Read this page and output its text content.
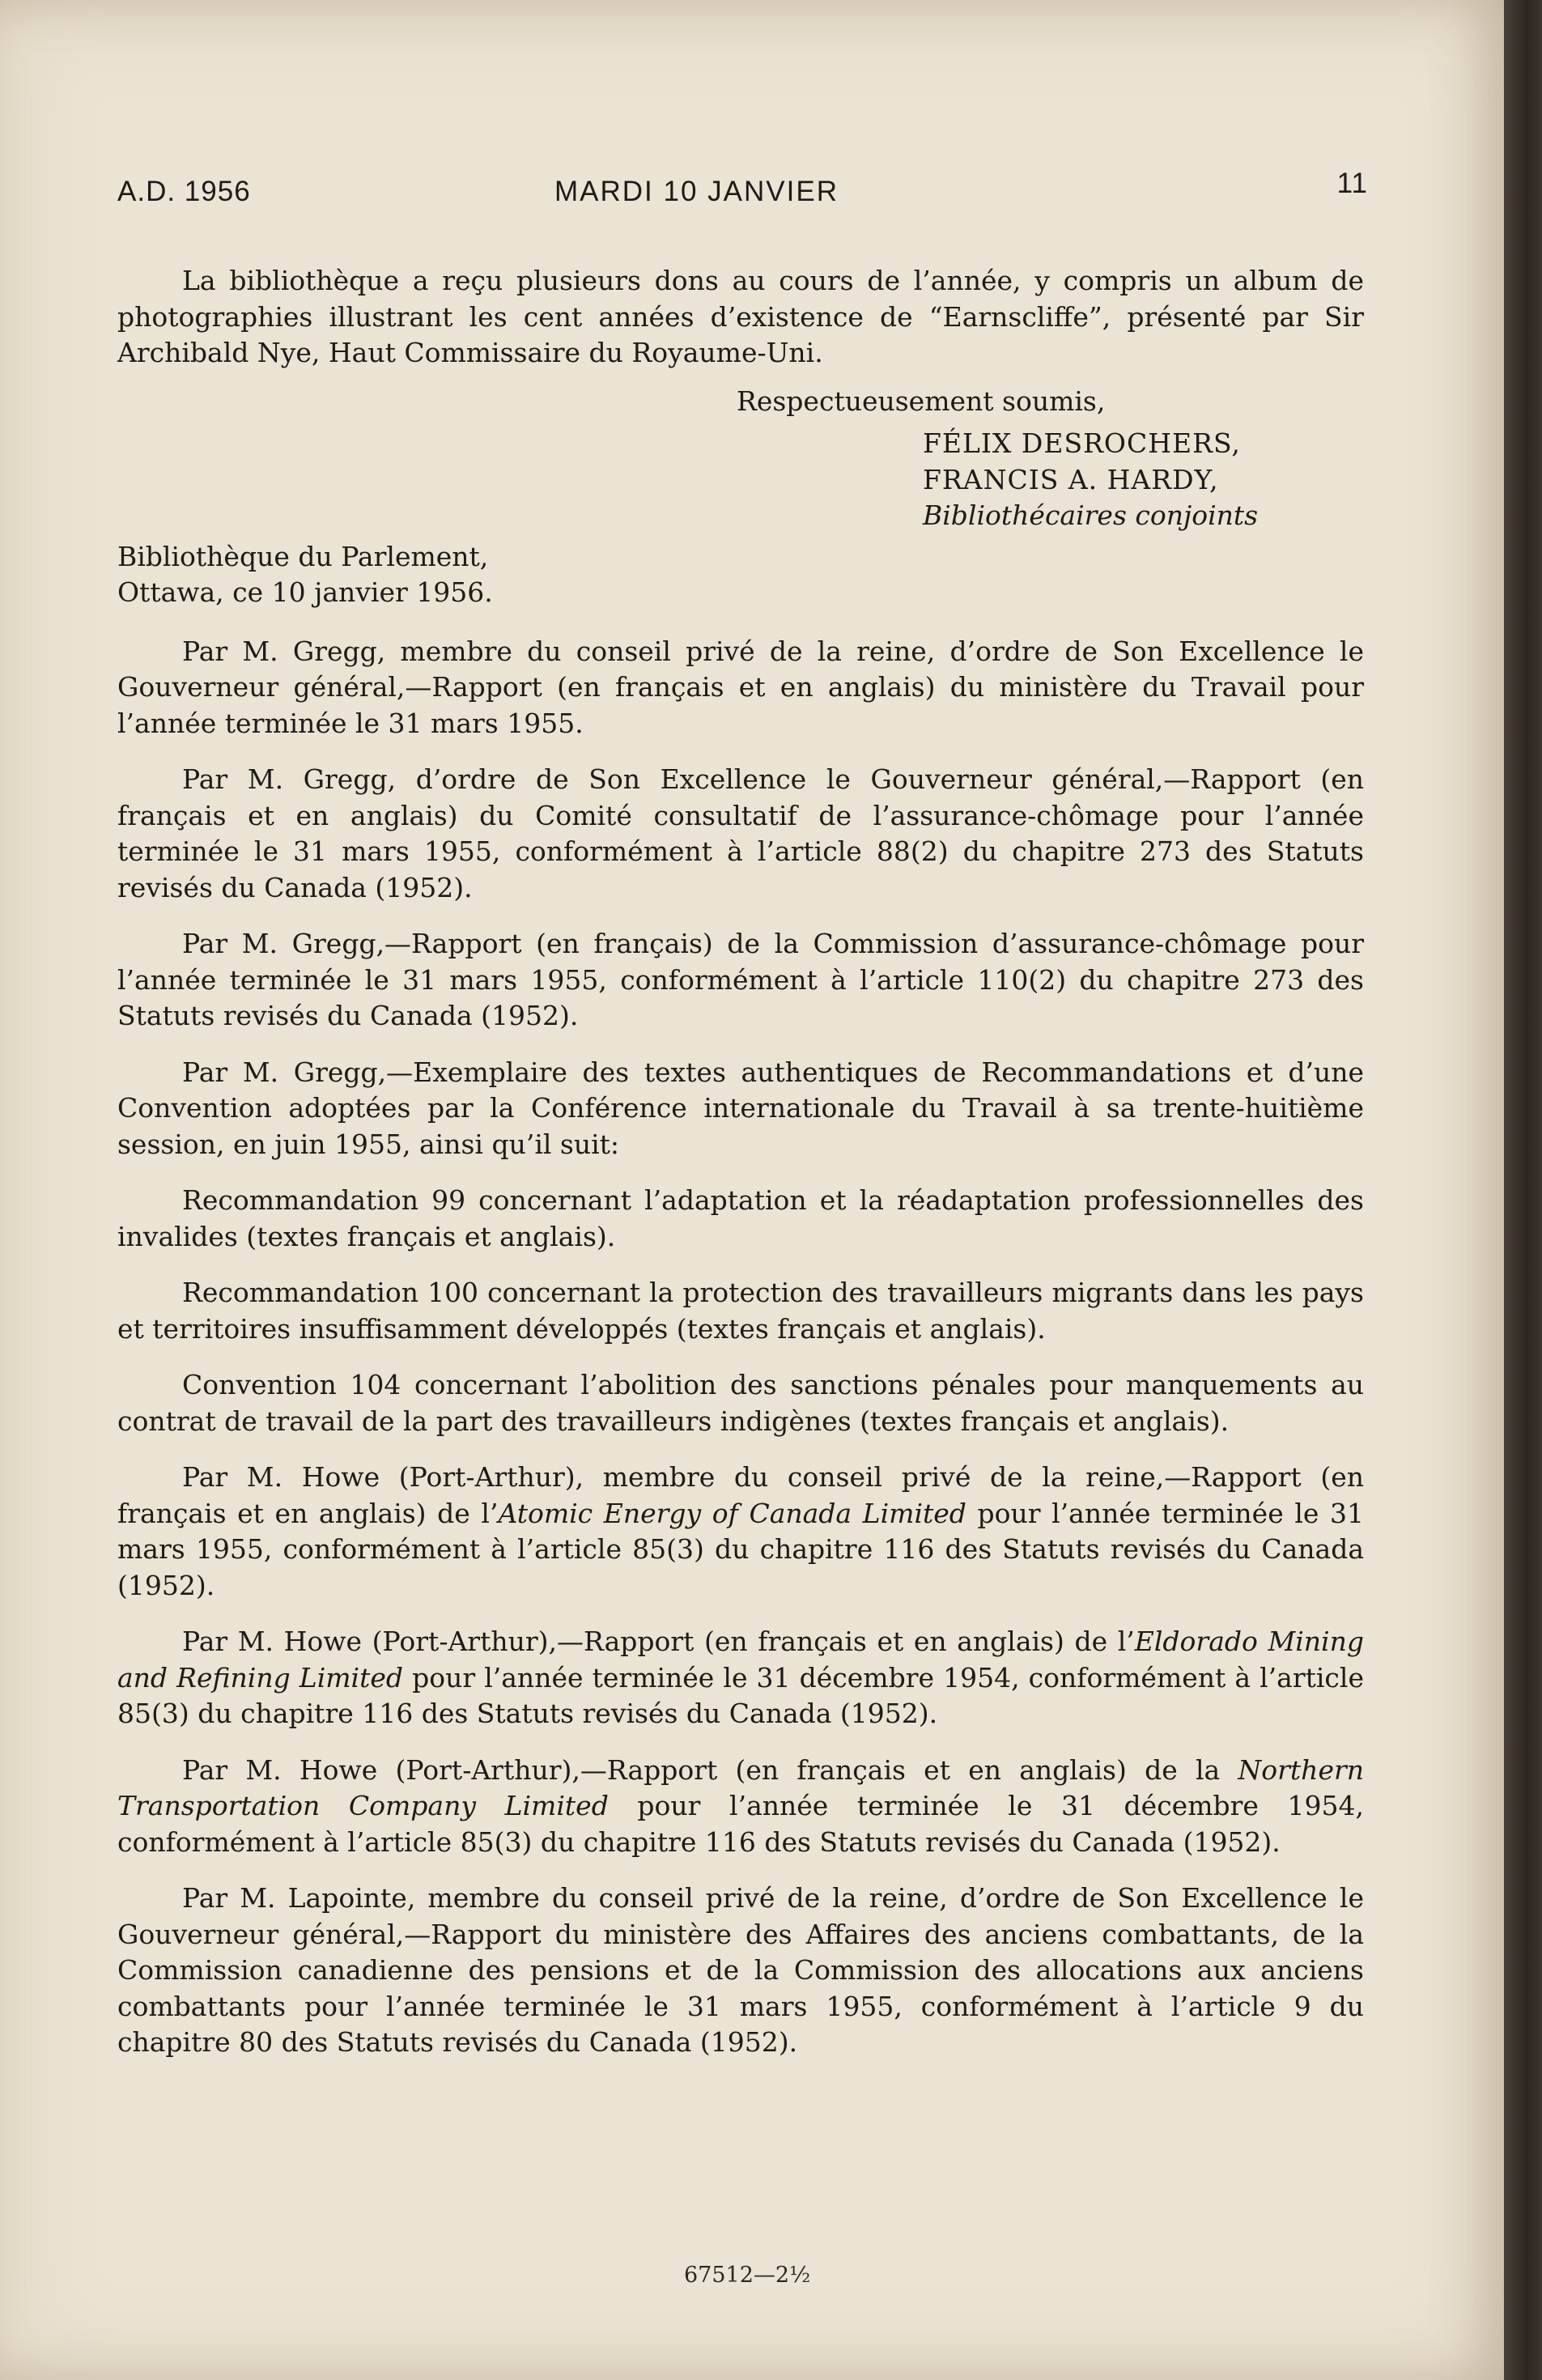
A.D. 1956	MARDI 10 JANVIER	11

La bibliothèque a reçu plusieurs dons au cours de l’année, y compris un album de photographies illustrant les cent années d’existence de “Earnscliffe”, présenté par Sir Archibald Nye, Haut Commissaire du Royaume-Uni.

Respectueusement soumis,
FÉLIX DESROCHERS,
FRANCIS A. HARDY,
Bibliothécaires conjoints
Bibliothèque du Parlement,
Ottawa, ce 10 janvier 1956.

Par M. Gregg, membre du conseil privé de la reine, d’ordre de Son Excellence le Gouverneur général,—Rapport (en français et en anglais) du ministère du Travail pour l’année terminée le 31 mars 1955.

Par M. Gregg, d’ordre de Son Excellence le Gouverneur général,—Rapport (en français et en anglais) du Comité consultatif de l’assurance-chômage pour l’année terminée le 31 mars 1955, conformément à l’article 88(2) du chapitre 273 des Statuts revisés du Canada (1952).

Par M. Gregg,—Rapport (en français) de la Commission d’assurance-chômage pour l’année terminée le 31 mars 1955, conformément à l’article 110(2) du chapitre 273 des Statuts revisés du Canada (1952).

Par M. Gregg,—Exemplaire des textes authentiques de Recommandations et d’une Convention adoptées par la Conférence internationale du Travail à sa trente-huitième session, en juin 1955, ainsi qu’il suit:

Recommandation 99 concernant l’adaptation et la réadaptation professionnelles des invalides (textes français et anglais).

Recommandation 100 concernant la protection des travailleurs migrants dans les pays et territoires insuffisamment développés (textes français et anglais).

Convention 104 concernant l’abolition des sanctions pénales pour manquements au contrat de travail de la part des travailleurs indigènes (textes français et anglais).

Par M. Howe (Port-Arthur), membre du conseil privé de la reine,—Rapport (en français et en anglais) de l’Atomic Energy of Canada Limited pour l’année terminée le 31 mars 1955, conformément à l’article 85(3) du chapitre 116 des Statuts revisés du Canada (1952).

Par M. Howe (Port-Arthur),—Rapport (en français et en anglais) de l’Eldorado Mining and Refining Limited pour l’année terminée le 31 décembre 1954, conformément à l’article 85(3) du chapitre 116 des Statuts revisés du Canada (1952).

Par M. Howe (Port-Arthur),—Rapport (en français et en anglais) de la Northern Transportation Company Limited pour l’année terminée le 31 décembre 1954, conformément à l’article 85(3) du chapitre 116 des Statuts revisés du Canada (1952).

Par M. Lapointe, membre du conseil privé de la reine, d’ordre de Son Excellence le Gouverneur général,—Rapport du ministère des Affaires des anciens combattants, de la Commission canadienne des pensions et de la Commission des allocations aux anciens combattants pour l’année terminée le 31 mars 1955, conformément à l’article 9 du chapitre 80 des Statuts revisés du Canada (1952).

67512—2½
